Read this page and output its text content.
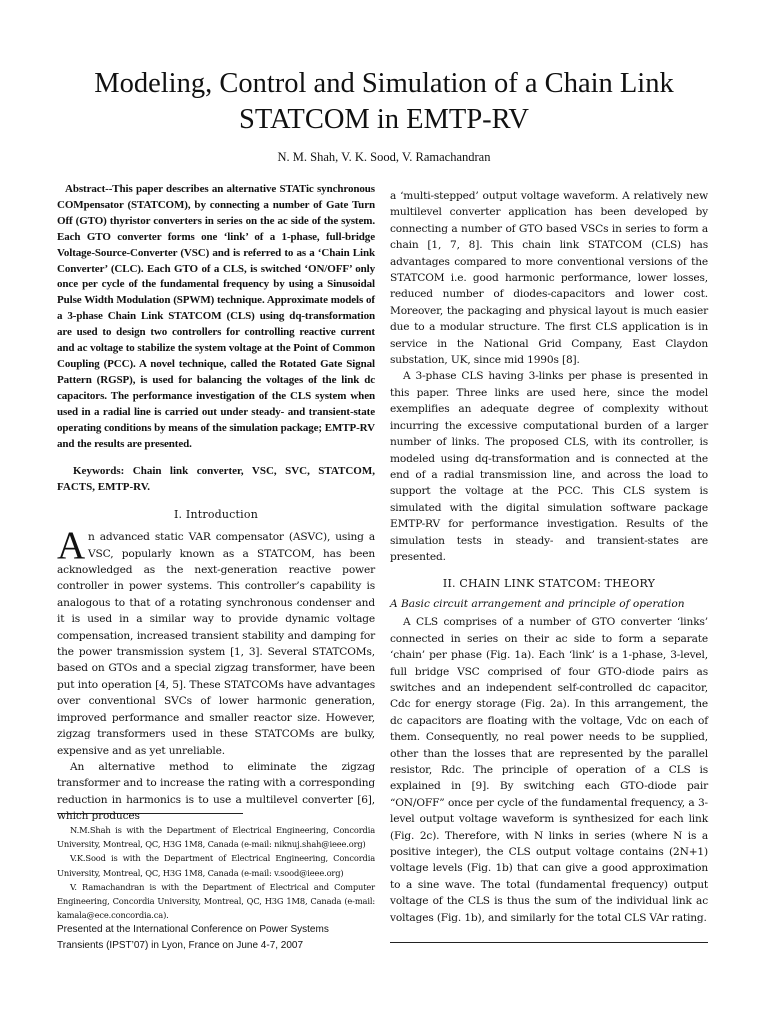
Modeling, Control and Simulation of a Chain Link
STATCOM in EMTP-RV
N. M. Shah, V. K. Sood, V. Ramachandran

Abstract--This paper describes an alternative STATic synchronous COMpensator (STATCOM), by connecting a number of Gate Turn Off (GTO) thyristor converters in series on the ac side of the system. Each GTO converter forms one ‘link’ of a 1-phase, full-bridge Voltage-Source-Converter (VSC) and is referred to as a ‘Chain Link Converter’ (CLC). Each GTO of a CLS, is switched ‘ON/OFF’ only once per cycle of the fundamental frequency by using a Sinusoidal Pulse Width Modulation (SPWM) technique. Approximate models of a 3-phase Chain Link STATCOM (CLS) using dq-transformation are used to design two controllers for controlling reactive current and ac voltage to stabilize the system voltage at the Point of Common Coupling (PCC). A novel technique, called the Rotated Gate Signal Pattern (RGSP), is used for balancing the voltages of the link dc capacitors. The performance investigation of the CLS system when used in a radial line is carried out under steady- and transient-state operating conditions by means of the simulation package; EMTP-RV and the results are presented.

Keywords: Chain link converter, VSC, SVC, STATCOM, FACTS, EMTP-RV.

I. Introduction

An advanced static VAR compensator (ASVC), using a VSC, popularly known as a STATCOM, has been acknowledged as the next-generation reactive power controller in power systems. This controller’s capability is analogous to that of a rotating synchronous condenser and it is used in a similar way to provide dynamic voltage compensation, increased transient stability and damping for the power transmission system [1, 3]. Several STATCOMs, based on GTOs and a special zigzag transformer, have been put into operation [4, 5]. These STATCOMs have advantages over conventional SVCs of lower harmonic generation, improved performance and smaller reactor size. However, zigzag transformers used in these STATCOMs are bulky, expensive and as yet unreliable.

An alternative method to eliminate the zigzag transformer and to increase the rating with a corresponding reduction in harmonics is to use a multilevel converter [6], which produces

N.M.Shah is with the Department of Electrical Engineering, Concordia University, Montreal, QC, H3G 1M8, Canada (e-mail: niknuj.shah@ieee.org)

V.K.Sood is with the Department of Electrical Engineering, Concordia University, Montreal, QC, H3G 1M8, Canada (e-mail: v.sood@ieee.org)

V. Ramachandran is with the Department of Electrical and Computer Engineering, Concordia University, Montreal, QC, H3G 1M8, Canada (e-mail: kamala@ece.concordia.ca).

Presented at the International Conference on Power Systems Transients (IPST’07) in Lyon, France on June 4-7, 2007

a ‘multi-stepped’ output voltage waveform. A relatively new multilevel converter application has been developed by connecting a number of GTO based VSCs in series to form a chain [1, 7, 8]. This chain link STATCOM (CLS) has advantages compared to more conventional versions of the STATCOM i.e. good harmonic performance, lower losses, reduced number of diodes-capacitors and lower cost. Moreover, the packaging and physical layout is much easier due to a modular structure. The first CLS application is in service in the National Grid Company, East Claydon substation, UK, since mid 1990s [8].

A 3-phase CLS having 3-links per phase is presented in this paper. Three links are used here, since the model exemplifies an adequate degree of complexity without incurring the excessive computational burden of a larger number of links. The proposed CLS, with its controller, is modeled using dq-transformation and is connected at the end of a radial transmission line, and across the load to support the voltage at the PCC. This CLS system is simulated with the digital simulation software package EMTP-RV for performance investigation. Results of the simulation tests in steady- and transient-states are presented.

II. CHAIN LINK STATCOM: THEORY
A Basic circuit arrangement and principle of operation

A CLS comprises of a number of GTO converter ‘links’ connected in series on their ac side to form a separate ‘chain’ per phase (Fig. 1a). Each ‘link’ is a 1-phase, 3-level, full bridge VSC comprised of four GTO-diode pairs as switches and an independent self-controlled dc capacitor, Cdc for energy storage (Fig. 2a). In this arrangement, the dc capacitors are floating with the voltage, Vdc on each of them. Consequently, no real power needs to be supplied, other than the losses that are represented by the parallel resistor, Rdc. The principle of operation of a CLS is explained in [9]. By switching each GTO-diode pair “ON/OFF” once per cycle of the fundamental frequency, a 3-level output voltage waveform is synthesized for each link (Fig. 2c). Therefore, with N links in series (where N is a positive integer), the CLS output voltage contains (2N+1) voltage levels (Fig. 1b) that can give a good approximation to a sine wave. The total (fundamental frequency) output voltage of the CLS is thus the sum of the individual link ac voltages (Fig. 1b), and similarly for the total CLS VAr rating.
